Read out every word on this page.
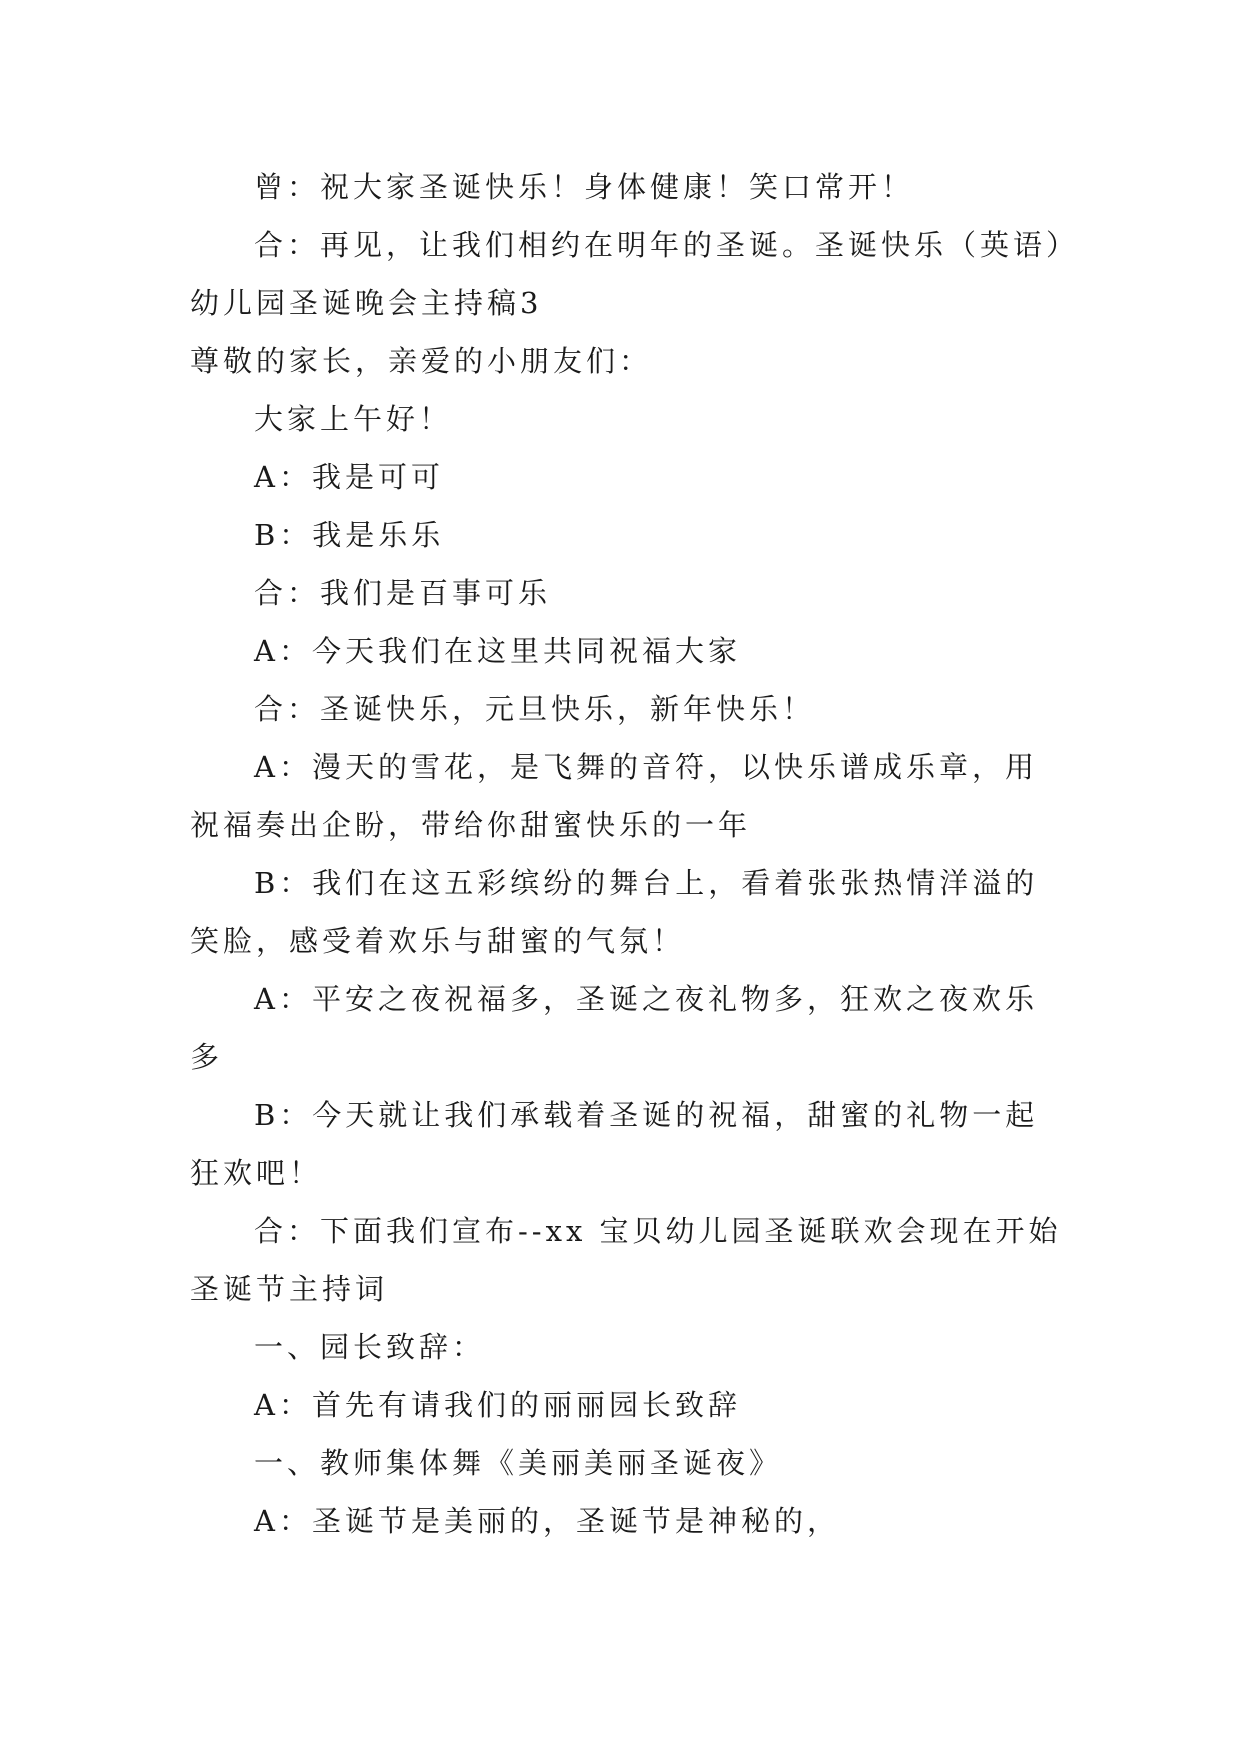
曾：祝大家圣诞快乐！身体健康！笑口常开！
合：再见，让我们相约在明年的圣诞。圣诞快乐（英语）
幼儿园圣诞晚会主持稿3
尊敬的家长，亲爱的小朋友们：
大家上午好！
A：我是可可
B：我是乐乐
合：我们是百事可乐
A：今天我们在这里共同祝福大家
合：圣诞快乐，元旦快乐，新年快乐！
A：漫天的雪花，是飞舞的音符，以快乐谱成乐章，用
祝福奏出企盼，带给你甜蜜快乐的一年
B：我们在这五彩缤纷的舞台上，看着张张热情洋溢的
笑脸，感受着欢乐与甜蜜的气氛！
A：平安之夜祝福多，圣诞之夜礼物多，狂欢之夜欢乐
多
B：今天就让我们承载着圣诞的祝福，甜蜜的礼物一起
狂欢吧！
合：下面我们宣布--xx 宝贝幼儿园圣诞联欢会现在开始
圣诞节主持词
一、园长致辞：
A：首先有请我们的丽丽园长致辞
一、教师集体舞《美丽美丽圣诞夜》
A：圣诞节是美丽的，圣诞节是神秘的，
